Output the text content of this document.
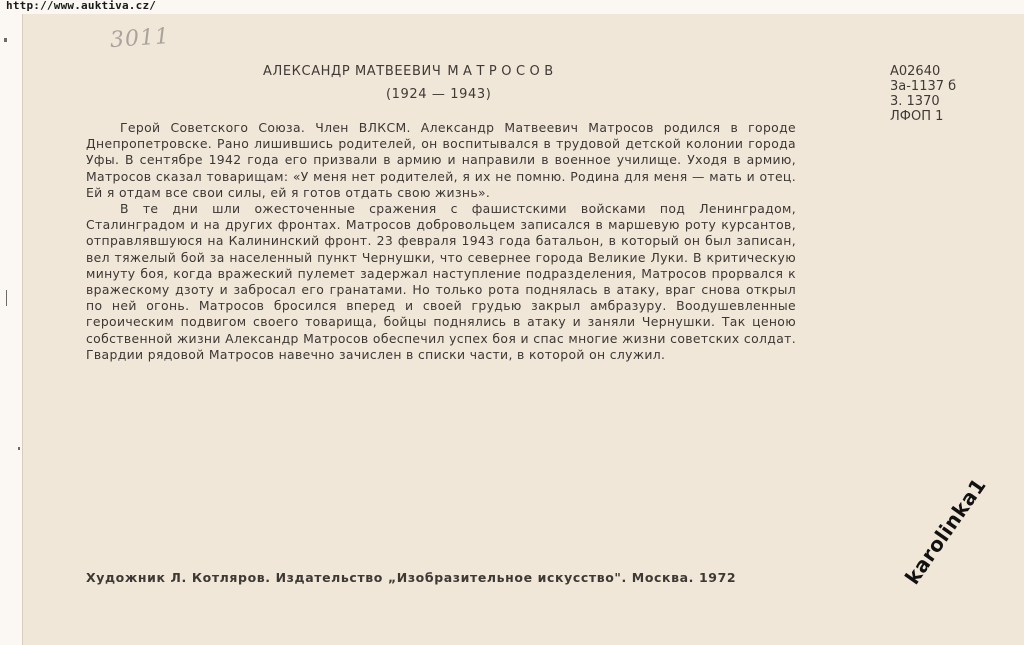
http://www.auktiva.cz/
3011
АЛЕКСАНДР МАТВЕЕВИЧ МАТРОСОВ
(1924 — 1943)
А02640
3а-1137 б
3. 1370
ЛФОП 1

Герой Советского Союза. Член ВЛКСМ. Александр Матвеевич Матросов родился в городе Днепропетровске. Рано лишившись родителей, он воспитывался в трудовой детской колонии города Уфы. В сентябре 1942 года его призвали в армию и направили в военное училище. Уходя в армию, Матросов сказал товарищам: «У меня нет родителей, я их не помню. Родина для меня — мать и отец. Ей я отдам все свои силы, ей я готов отдать свою жизнь».

В те дни шли ожесточенные сражения с фашистскими войсками под Ленинградом, Сталинградом и на других фронтах. Матросов добровольцем записался в маршевую роту курсантов, отправлявшуюся на Калининский фронт. 23 февраля 1943 года батальон, в который он был записан, вел тяжелый бой за населенный пункт Чернушки, что севернее города Великие Луки. В критическую минуту боя, когда вражеский пулемет задержал наступление подразделения, Матросов прорвался к вражескому дзоту и забросал его гранатами. Но только рота поднялась в атаку, враг снова открыл по ней огонь. Матросов бросился вперед и своей грудью закрыл амбразуру. Воодушевленные героическим подвигом своего товарища, бойцы поднялись в атаку и заняли Чернушки. Так ценою собственной жизни Александр Матросов обеспечил успех боя и спас многие жизни советских солдат. Гвардии рядовой Матросов навечно зачислен в списки части, в которой он служил.

Художник Л. Котляров. Издательство „Изобразительное искусство". Москва. 1972	karolinka1
